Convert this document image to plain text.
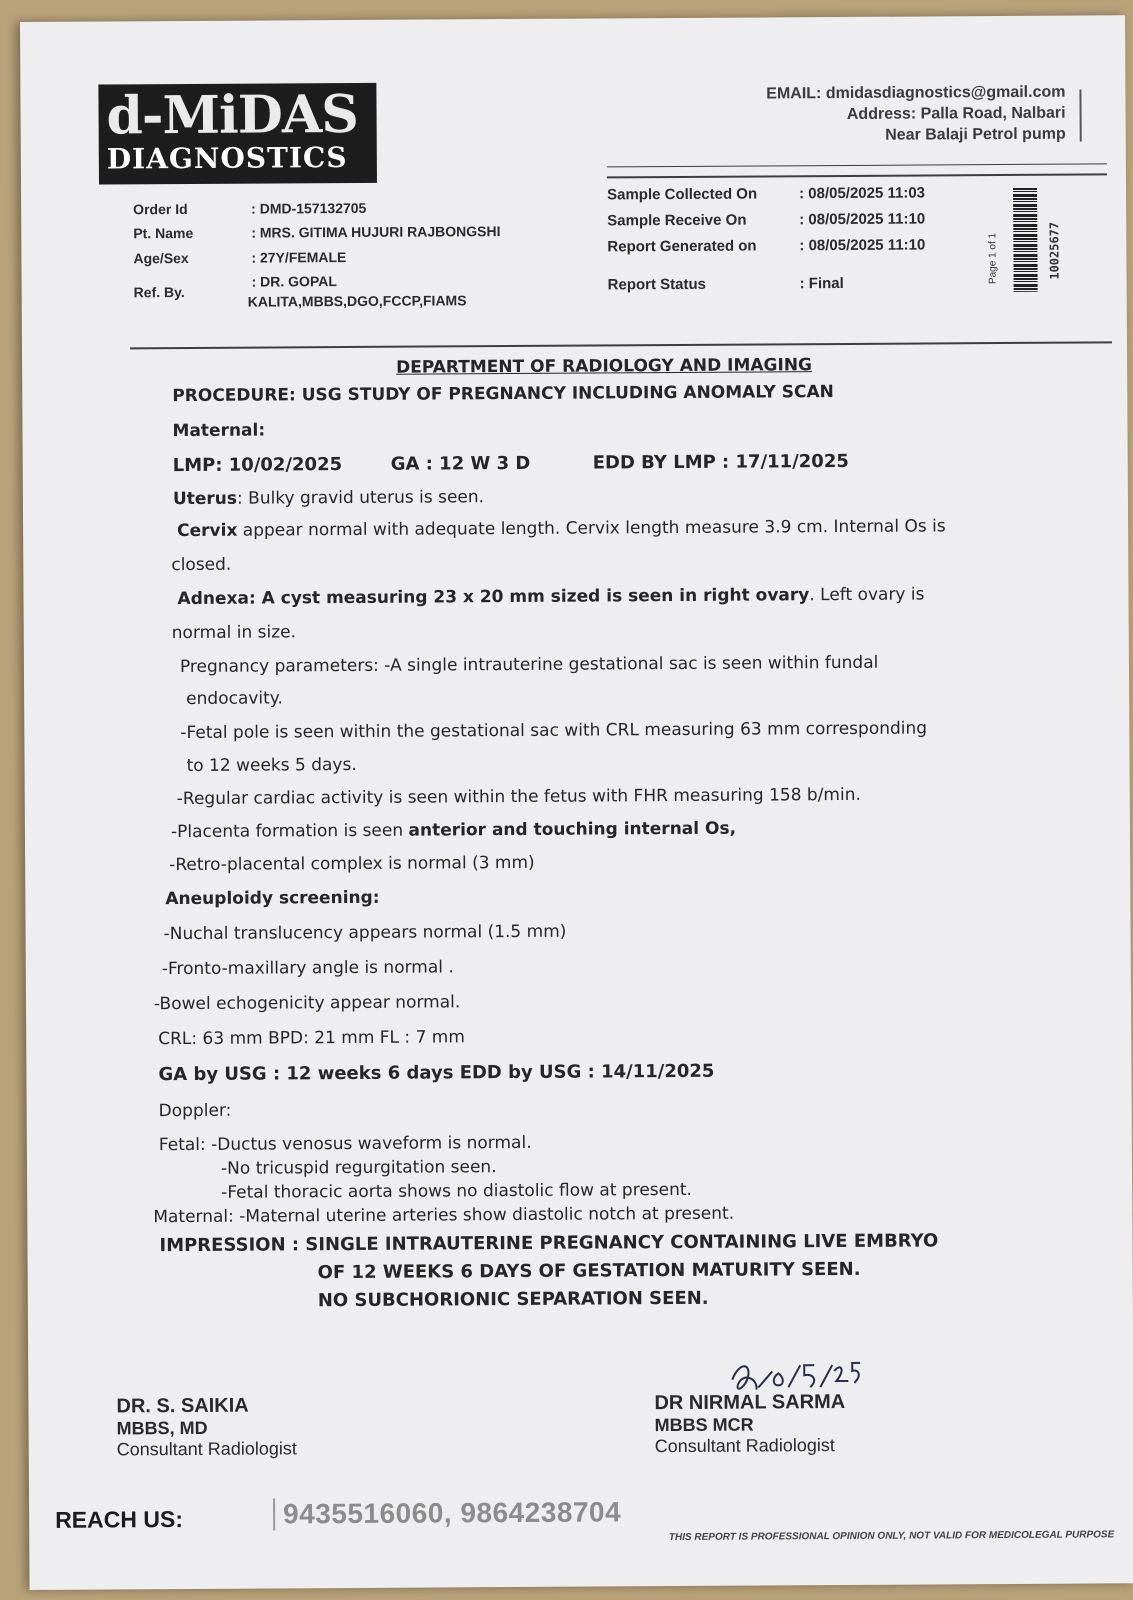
d-MiDAS
DIAGNOSTICS
EMAIL: dmidasdiagnostics@gmail.com
Address: Palla Road, Nalbari
Near Balaji Petrol pump
Order Id	: DMD-157132705
Pt. Name	: MRS. GITIMA HUJURI RAJBONGSHI
Age/Sex	: 27Y/FEMALE
Ref. By.
: DR. GOPAL
KALITA,MBBS,DGO,FCCP,FIAMS
Sample Collected On	: 08/05/2025 11:03
Sample Receive On	: 08/05/2025 11:10
Report Generated on	: 08/05/2025 11:10
Report Status	: Final	Page 1 of 1	10025677
DEPARTMENT OF RADIOLOGY AND IMAGING
PROCEDURE: USG STUDY OF PREGNANCY INCLUDING ANOMALY SCAN
Maternal:
LMP: 10/02/2025	GA : 12 W 3 D	EDD BY LMP : 17/11/2025
Uterus: Bulky gravid uterus is seen.
Cervix appear normal with adequate length. Cervix length measure 3.9 cm. Internal Os is
closed.
Adnexa: A cyst measuring 23 x 20 mm sized is seen in right ovary. Left ovary is
normal in size.
Pregnancy parameters: -A single intrauterine gestational sac is seen within fundal
endocavity.
-Fetal pole is seen within the gestational sac with CRL measuring 63 mm corresponding
to 12 weeks 5 days.
-Regular cardiac activity is seen within the fetus with FHR measuring 158 b/min.
-Placenta formation is seen anterior and touching internal Os,
-Retro-placental complex is normal (3 mm)
Aneuploidy screening:
-Nuchal translucency appears normal (1.5 mm)
-Fronto-maxillary angle is normal .
-Bowel echogenicity appear normal.
CRL: 63 mm BPD: 21 mm FL : 7 mm
GA by USG : 12 weeks 6 days EDD by USG : 14/11/2025
Doppler:
Fetal: -Ductus venosus waveform is normal.
-No tricuspid regurgitation seen.
-Fetal thoracic aorta shows no diastolic flow at present.
Maternal: -Maternal uterine arteries show diastolic notch at present.
IMPRESSION : SINGLE INTRAUTERINE PREGNANCY CONTAINING LIVE EMBRYO
OF 12 WEEKS 6 DAYS OF GESTATION MATURITY SEEN.
NO SUBCHORIONIC SEPARATION SEEN.
DR. S. SAIKIA
MBBS, MD
Consultant Radiologist
DR NIRMAL SARMA
MBBS MCR
Consultant Radiologist
REACH US:	9435516060, 9864238704
THIS REPORT IS PROFESSIONAL OPINION ONLY, NOT VALID FOR MEDICOLEGAL PURPOSE
